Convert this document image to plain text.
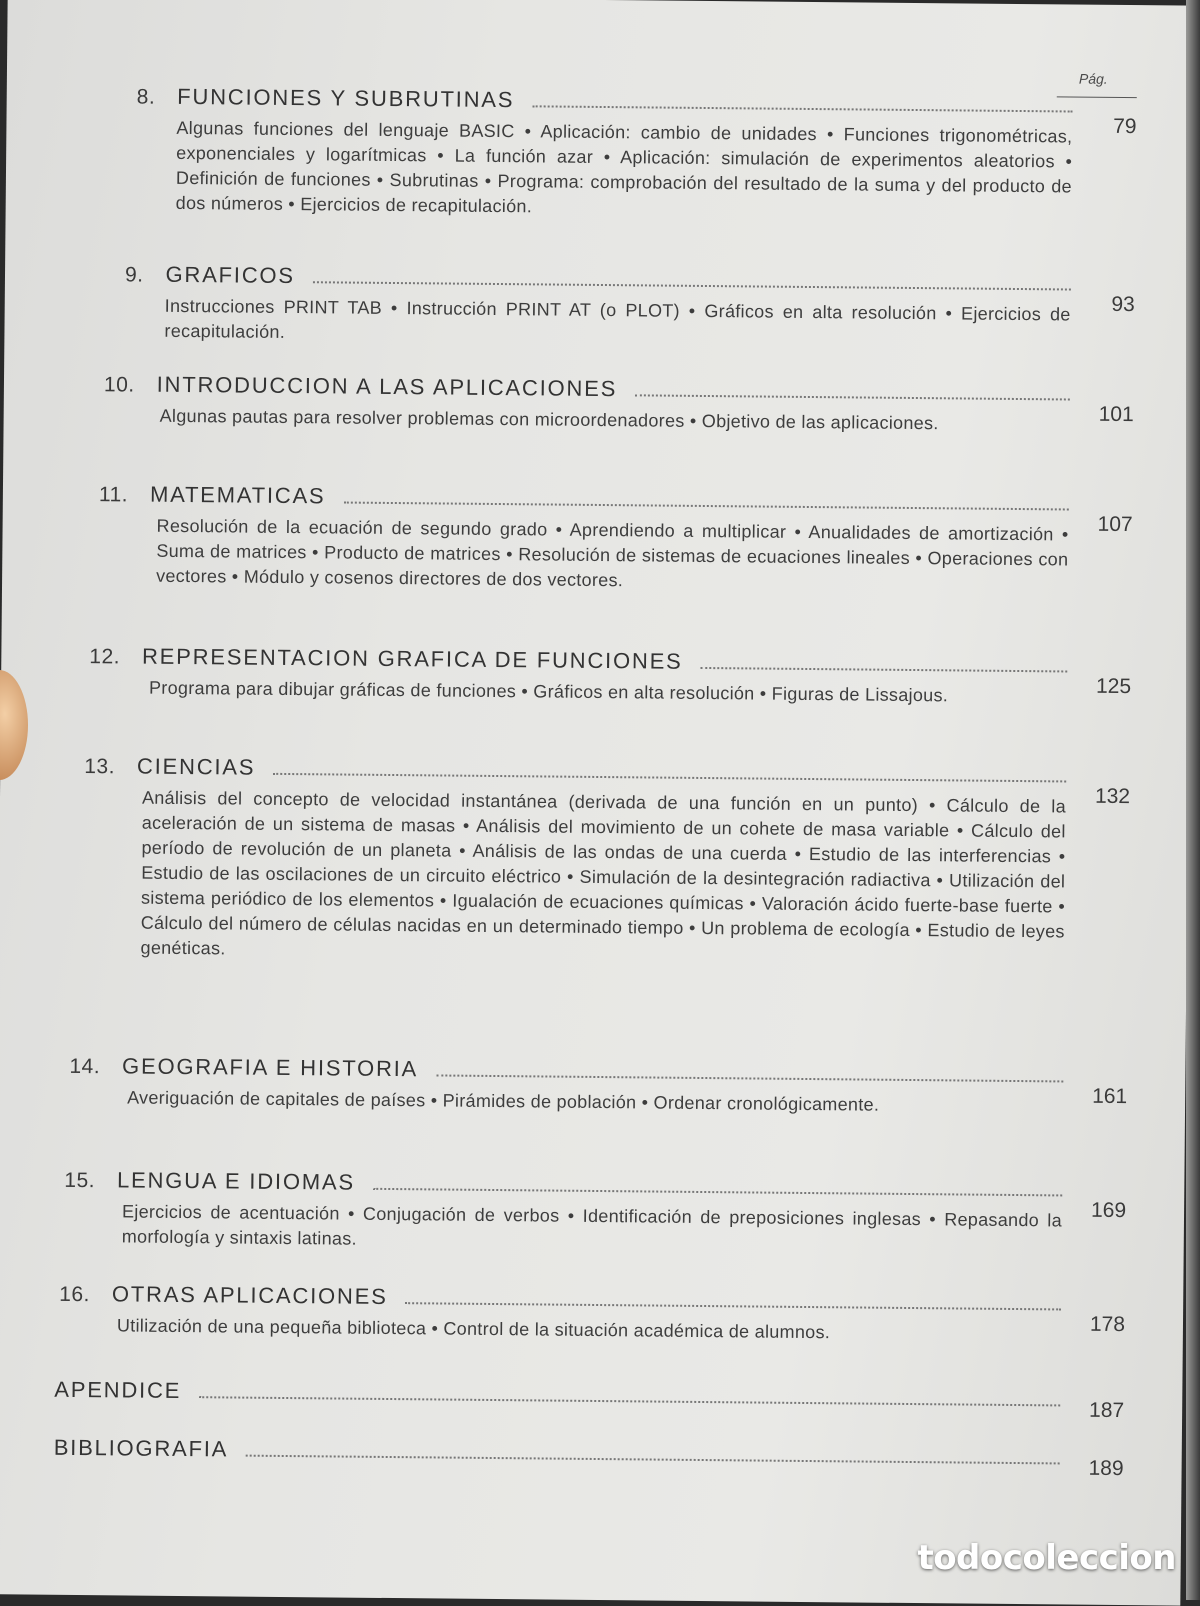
Pág.
8. FUNCIONES Y SUBRUTINAS
79
Algunas funciones del lenguaje BASIC • Aplicación: cambio de unidades • Funciones trigonométricas, exponenciales y logarítmicas • La función azar • Aplicación: simulación de experimentos aleatorios • Definición de funciones • Subrutinas • Programa: comprobación del resultado de la suma y del producto de dos números • Ejercicios de recapitulación.
9. GRAFICOS
93
Instrucciones PRINT TAB • Instrucción PRINT AT (o PLOT) • Gráficos en alta resolución • Ejercicios de recapitulación.
10. INTRODUCCION A LAS APLICACIONES
101
Algunas pautas para resolver problemas con microordenadores • Objetivo de las aplicaciones.
11. MATEMATICAS
107
Resolución de la ecuación de segundo grado • Aprendiendo a multiplicar • Anualidades de amortización • Suma de matrices • Producto de matrices • Resolución de sistemas de ecuaciones lineales • Operaciones con vectores • Módulo y cosenos directores de dos vectores.
12. REPRESENTACION GRAFICA DE FUNCIONES
125
Programa para dibujar gráficas de funciones • Gráficos en alta resolución • Figuras de Lissajous.
13. CIENCIAS
132
Análisis del concepto de velocidad instantánea (derivada de una función en un punto) • Cálculo de la aceleración de un sistema de masas • Análisis del movimiento de un cohete de masa variable • Cálculo del período de revolución de un planeta • Análisis de las ondas de una cuerda • Estudio de las interferencias • Estudio de las oscilaciones de un circuito eléctrico • Simulación de la desintegración radiactiva • Utilización del sistema periódico de los elementos • Igualación de ecuaciones químicas • Valoración ácido fuerte-base fuerte • Cálculo del número de células nacidas en un determinado tiempo • Un problema de ecología • Estudio de leyes genéticas.
14. GEOGRAFIA E HISTORIA
161
Averiguación de capitales de países • Pirámides de población • Ordenar cronológicamente.
15. LENGUA E IDIOMAS
169
Ejercicios de acentuación • Conjugación de verbos • Identificación de preposiciones inglesas • Repasando la morfología y sintaxis latinas.
16. OTRAS APLICACIONES
178
Utilización de una pequeña biblioteca • Control de la situación académica de alumnos.
APENDICE
187
BIBLIOGRAFIA
189
todocoleccion
